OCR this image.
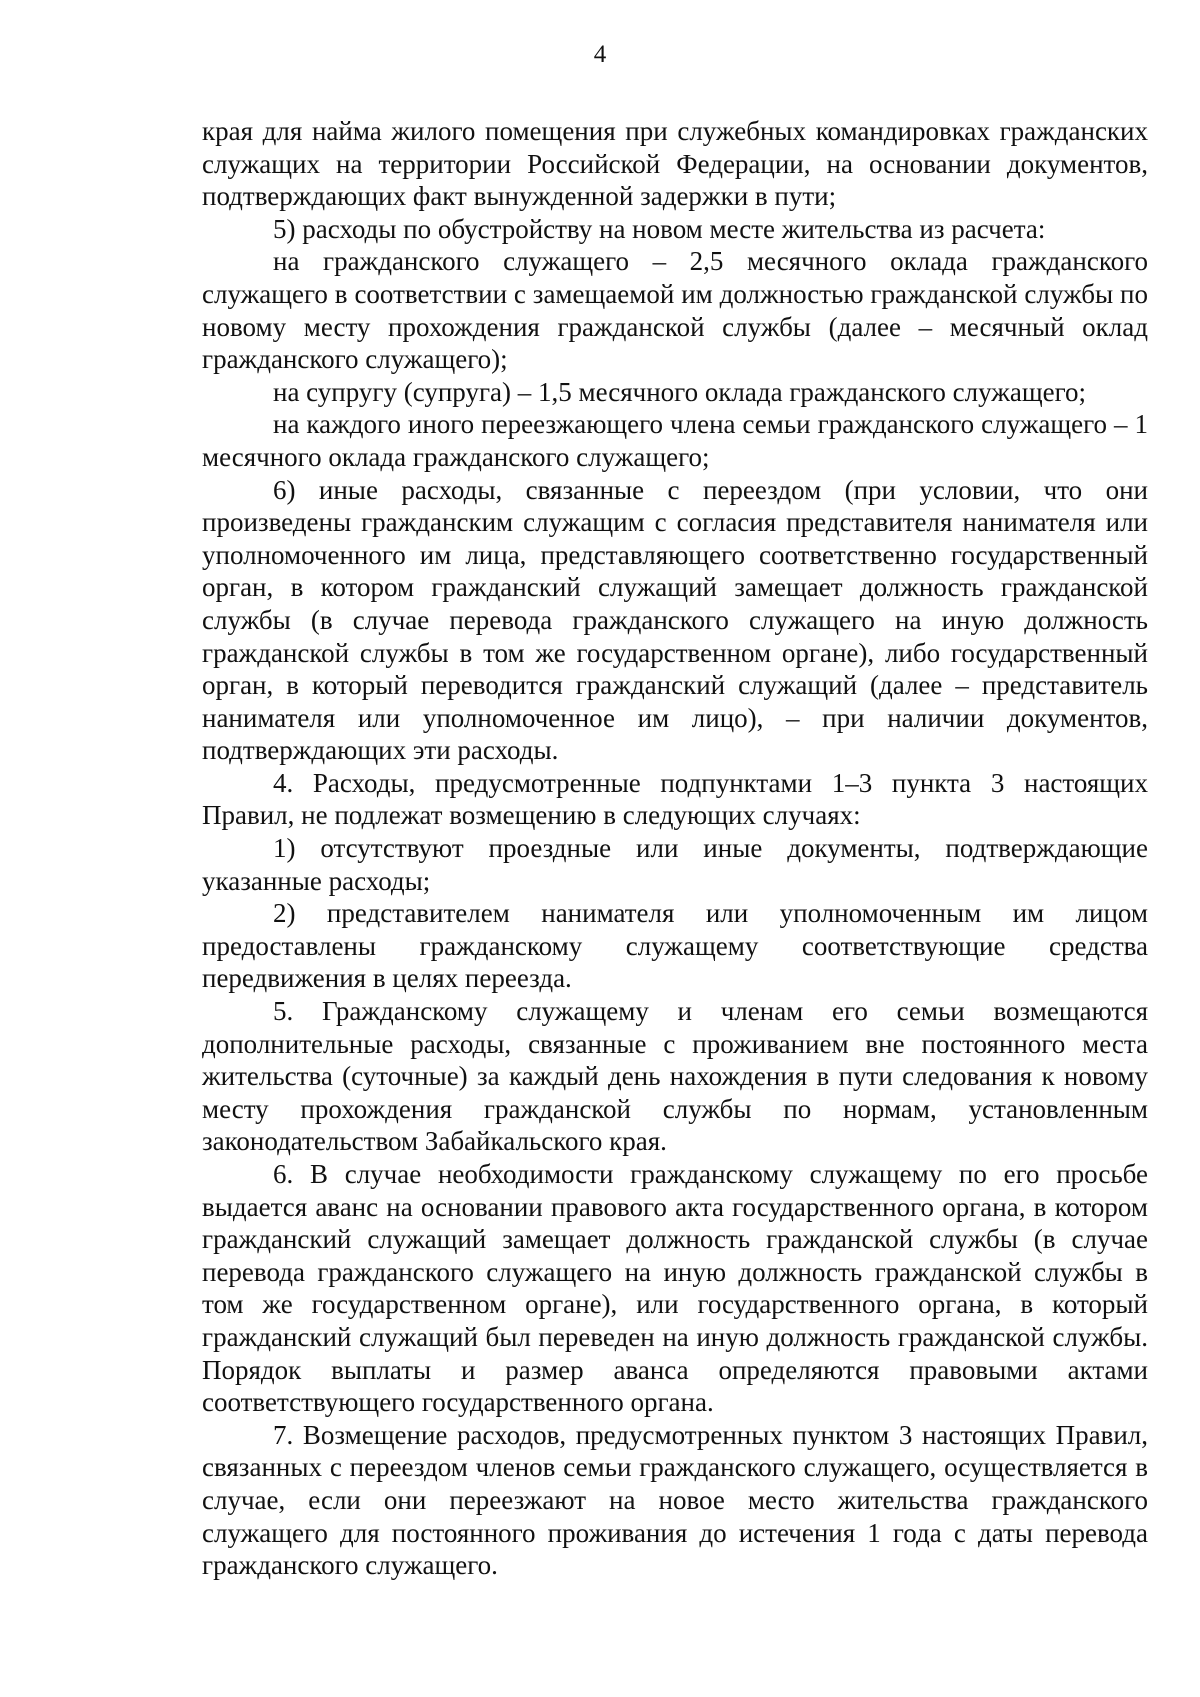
4

края для найма жилого помещения при служебных командировках гражданских служащих на территории Российской Федерации, на основании документов, подтверждающих факт вынужденной задержки в пути;

5) расходы по обустройству на новом месте жительства из расчета:

на гражданского служащего – 2,5 месячного оклада гражданского служащего в соответствии с замещаемой им должностью гражданской службы по новому месту прохождения гражданской службы (далее – месячный оклад гражданского служащего);

на супругу (супруга) – 1,5 месячного оклада гражданского служащего;

на каждого иного переезжающего члена семьи гражданского служащего – 1 месячного оклада гражданского служащего;

6) иные расходы, связанные с переездом (при условии, что они произведены гражданским служащим с согласия представителя нанимателя или уполномоченного им лица, представляющего соответственно государственный орган, в котором гражданский служащий замещает должность гражданской службы (в случае перевода гражданского служащего на иную должность гражданской службы в том же государственном органе), либо государственный орган, в который переводится гражданский служащий (далее – представитель нанимателя или уполномоченное им лицо), – при наличии документов, подтверждающих эти расходы.

4. Расходы, предусмотренные подпунктами 1–3 пункта 3 настоящих Правил, не подлежат возмещению в следующих случаях:

1) отсутствуют проездные или иные документы, подтверждающие указанные расходы;

2) представителем нанимателя или уполномоченным им лицом предоставлены гражданскому служащему соответствующие средства передвижения в целях переезда.

5. Гражданскому служащему и членам его семьи возмещаются дополнительные расходы, связанные с проживанием вне постоянного места жительства (суточные) за каждый день нахождения в пути следования к новому месту прохождения гражданской службы по нормам, установленным законодательством Забайкальского края.

6. В случае необходимости гражданскому служащему по его просьбе выдается аванс на основании правового акта государственного органа, в котором гражданский служащий замещает должность гражданской службы (в случае перевода гражданского служащего на иную должность гражданской службы в том же государственном органе), или государственного органа, в который гражданский служащий был переведен на иную должность гражданской службы. Порядок выплаты и размер аванса определяются правовыми актами соответствующего государственного органа.

7. Возмещение расходов, предусмотренных пунктом 3 настоящих Правил, связанных с переездом членов семьи гражданского служащего, осуществляется в случае, если они переезжают на новое место жительства гражданского служащего для постоянного проживания до истечения 1 года с даты перевода гражданского служащего.
